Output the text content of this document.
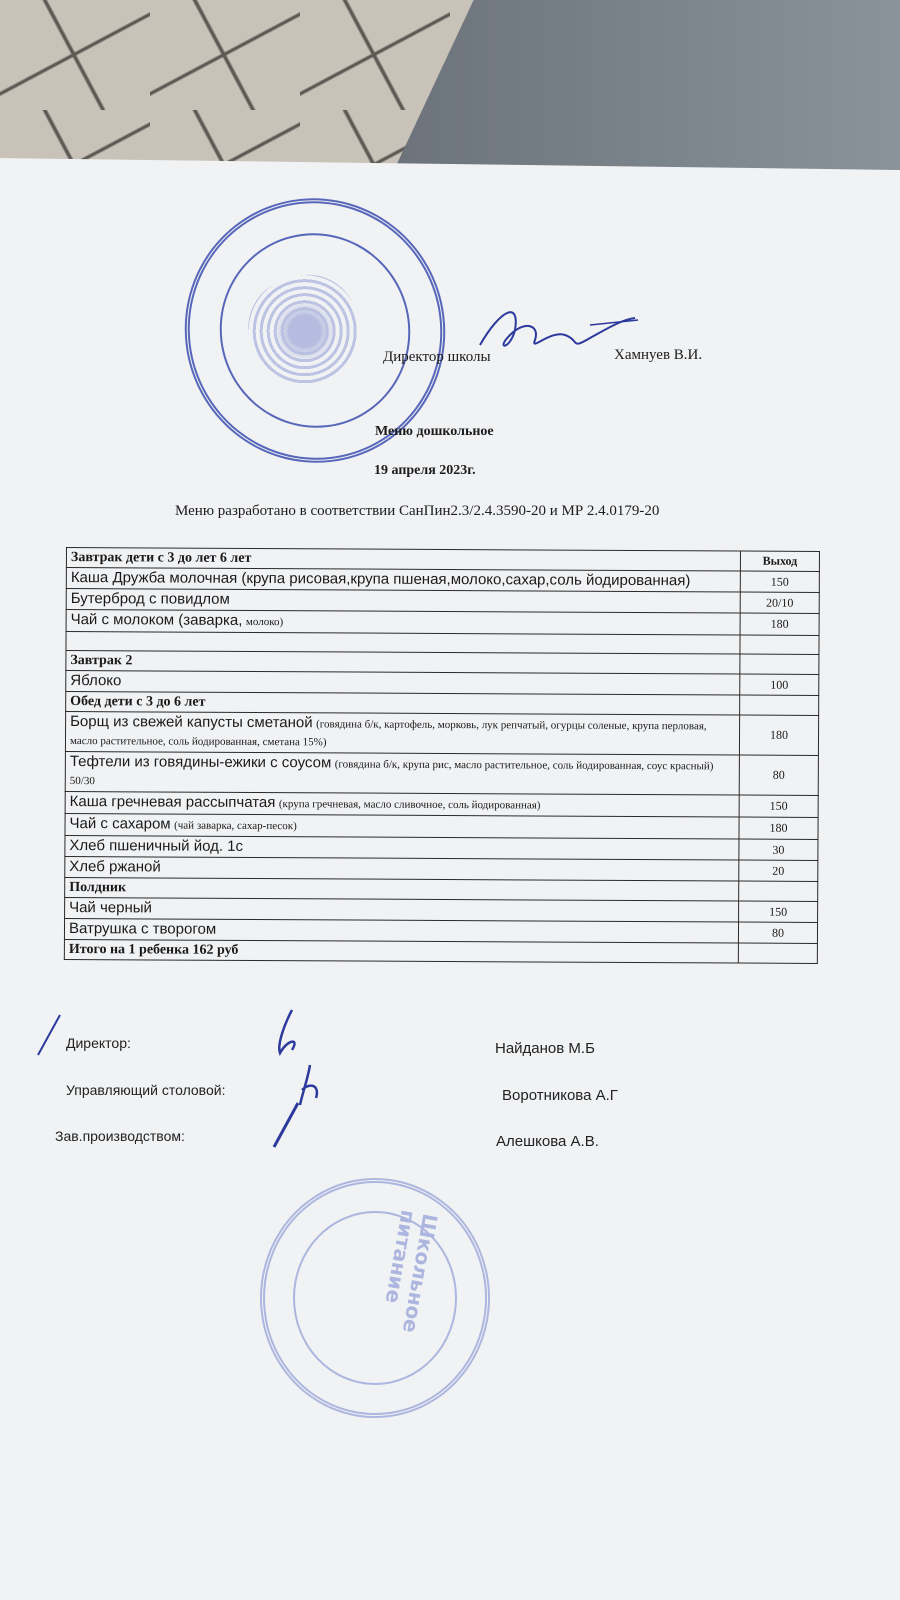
Директор школы	Хамнуев В.И.
Меню дошкольное
19 апреля 2023г.
Меню разработано в соответствии СанПин2.3/2.4.3590-20 и МР 2.4.0179-20
Завтрак дети с 3 до лет 6 лет	Выход
Каша Дружба молочная (крупа рисовая,крупа пшеная,молоко,сахар,соль йодированная)	150
Бутерброд с повидлом	20/10
Чай с молоком (заварка, молоко)	180

Завтрак 2	
Яблоко	100
Обед дети с 3 до 6 лет	
Борщ из свежей капусты сметаной (говядина б/к, картофель, морковь, лук репчатый, огурцы соленые, крупа перловая, масло растительное, соль йодированная, сметана 15%)	180
Тефтели из говядины-ежики с соусом (говядина б/к, крупа рис, масло растительное, соль йодированная, соус красный) 50/30	80
Каша гречневая рассыпчатая (крупа гречневая, масло сливочное, соль йодированная)	150
Чай с сахаром (чай заварка, сахар-песок)	180
Хлеб пшеничный йод. 1с	30
Хлеб ржаной	20
Полдник	
Чай черный	150
Ватрушка с творогом	80
Итого на 1 ребенка 162 руб	
Директор:	Найданов М.Б
Управляющий столовой:	Воротникова А.Г
Зав.производством:	Алешкова А.В.
Школьное питание
